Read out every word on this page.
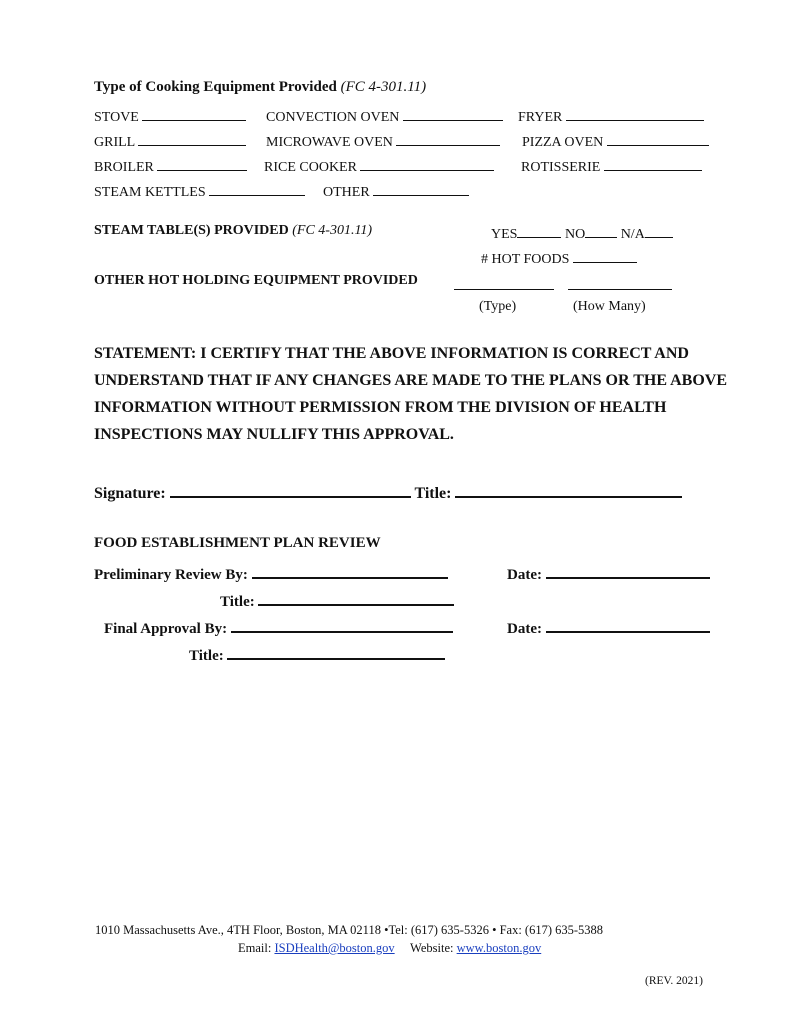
Type of Cooking Equipment Provided (FC 4-301.11)
STOVE	CONVECTION OVEN	FRYER
GRILL	MICROWAVE OVEN	PIZZA OVEN
BROILER	RICE COOKER	ROTISSERIE
STEAM KETTLES	OTHER
STEAM TABLE(S) PROVIDED (FC 4-301.11)	YES	NO	N/A
# HOT FOODS
OTHER HOT HOLDING EQUIPMENT PROVIDED
(Type)	(How Many)
STATEMENT: I CERTIFY THAT THE ABOVE INFORMATION IS CORRECT AND
UNDERSTAND THAT IF ANY CHANGES ARE MADE TO THE PLANS OR THE ABOVE
INFORMATION WITHOUT PERMISSION FROM THE DIVISION OF HEALTH
INSPECTIONS MAY NULLIFY THIS APPROVAL.
Signature:	Title:
FOOD ESTABLISHMENT PLAN REVIEW
Preliminary Review By:	Date:
Title:
Final Approval By:	Date:
Title:
1010 Massachusetts Ave., 4TH Floor, Boston, MA 02118 •Tel: (617) 635-5326 • Fax: (617) 635-5388
Email: ISDHealth@boston.gov Website: www.boston.gov
(REV. 2021)
